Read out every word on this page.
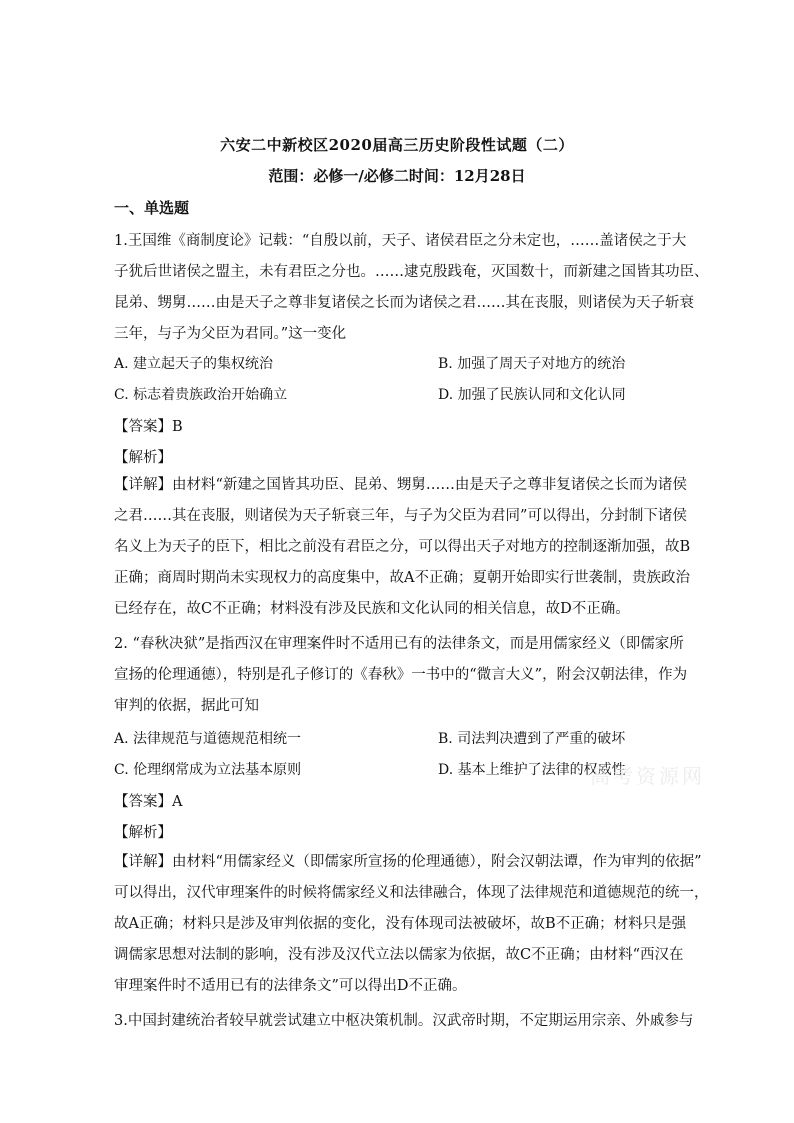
六安二中新校区2020届高三历史阶段性试题（二）
范围：必修一/必修二时间：12月28日
一、单选题
1.王国维《商制度论》记载：“自殷以前，天子、诸侯君臣之分未定也，……盖诸侯之于大
子犹后世诸侯之盟主，未有君臣之分也。……逮克殷践奄，灭国数十，而新建之国皆其功臣、
昆弟、甥舅……由是天子之尊非复诸侯之长而为诸侯之君……其在丧服，则诸侯为天子斩衰
三年，与子为父臣为君同。”这一变化
A. 建立起天子的集权统治	B. 加强了周天子对地方的统治
C. 标志着贵族政治开始确立	D. 加强了民族认同和文化认同
【答案】B
【解析】
【详解】由材料“新建之国皆其功臣、昆弟、甥舅……由是天子之尊非复诸侯之长而为诸侯
之君……其在丧服，则诸侯为天子斩衰三年，与子为父臣为君同”可以得出，分封制下诸侯
名义上为天子的臣下，相比之前没有君臣之分，可以得出天子对地方的控制逐渐加强，故B
正确；商周时期尚未实现权力的高度集中，故A不正确；夏朝开始即实行世袭制，贵族政治
已经存在，故C不正确；材料没有涉及民族和文化认同的相关信息，故D不正确。
2. “春秋决狱”是指西汉在审理案件时不适用已有的法律条文，而是用儒家经义（即儒家所
宣扬的伦理通德），特别是孔子修订的《春秋》一书中的“微言大义”，附会汉朝法律，作为
审判的依据，据此可知
A. 法律规范与道德规范相统一	B. 司法判决遭到了严重的破坏
C. 伦理纲常成为立法基本原则	D. 基本上维护了法律的权威性
高考资源网
【答案】A
【解析】
【详解】由材料“用儒家经义（即儒家所宣扬的伦理通德），附会汉朝法谭，作为审判的依据”
可以得出，汉代审理案件的时候将儒家经义和法律融合，体现了法律规范和道德规范的统一，
故A正确；材料只是涉及审判依据的变化，没有体现司法被破坏，故B不正确；材料只是强
调儒家思想对法制的影响，没有涉及汉代立法以儒家为依据，故C不正确；由材料“西汉在
审理案件时不适用已有的法律条文”可以得出D不正确。
3.中国封建统治者较早就尝试建立中枢决策机制。汉武帝时期，不定期运用宗亲、外戚参与
